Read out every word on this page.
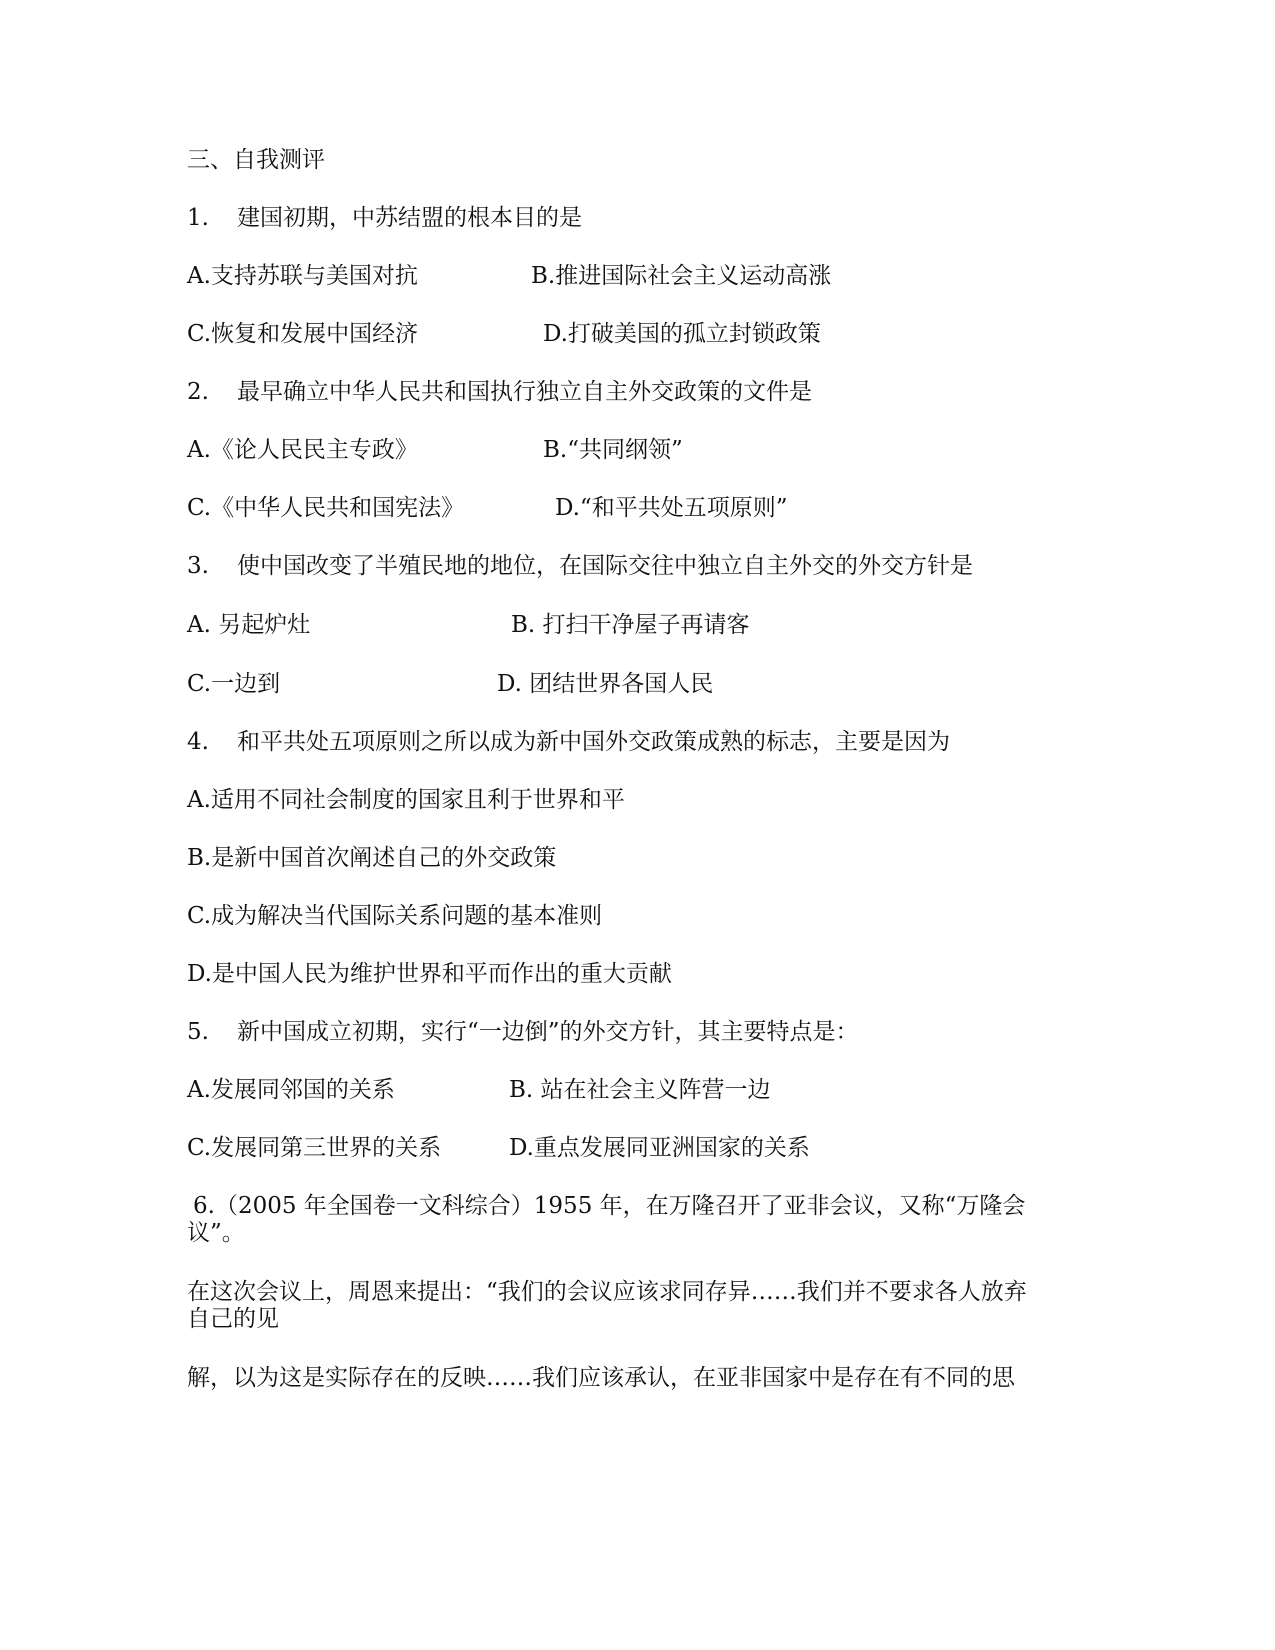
三、自我测评

1. 建国初期，中苏结盟的根本目的是

A.支持苏联与美国对抗	B.推进国际社会主义运动高涨
C.恢复和发展中国经济	D.打破美国的孤立封锁政策

2. 最早确立中华人民共和国执行独立自主外交政策的文件是

A.《论人民民主专政》	B.“共同纲领”
C.《中华人民共和国宪法》	D.“和平共处五项原则”

3. 使中国改变了半殖民地的地位，在国际交往中独立自主外交的外交方针是

A. 另起炉灶	B. 打扫干净屋子再请客
C.一边到	D. 团结世界各国人民

4. 和平共处五项原则之所以成为新中国外交政策成熟的标志，主要是因为

A.适用不同社会制度的国家且利于世界和平

B.是新中国首次阐述自己的外交政策

C.成为解决当代国际关系问题的基本准则

D.是中国人民为维护世界和平而作出的重大贡献

5. 新中国成立初期，实行“一边倒”的外交方针，其主要特点是：

A.发展同邻国的关系	B. 站在社会主义阵营一边
C.发展同第三世界的关系	D.重点发展同亚洲国家的关系

6.（2005 年全国卷一文科综合）1955 年，在万隆召开了亚非会议，又称“万隆会

议”。

在这次会议上，周恩来提出：“我们的会议应该求同存异……我们并不要求各人放弃

自己的见

解，以为这是实际存在的反映……我们应该承认，在亚非国家中是存在有不同的思
